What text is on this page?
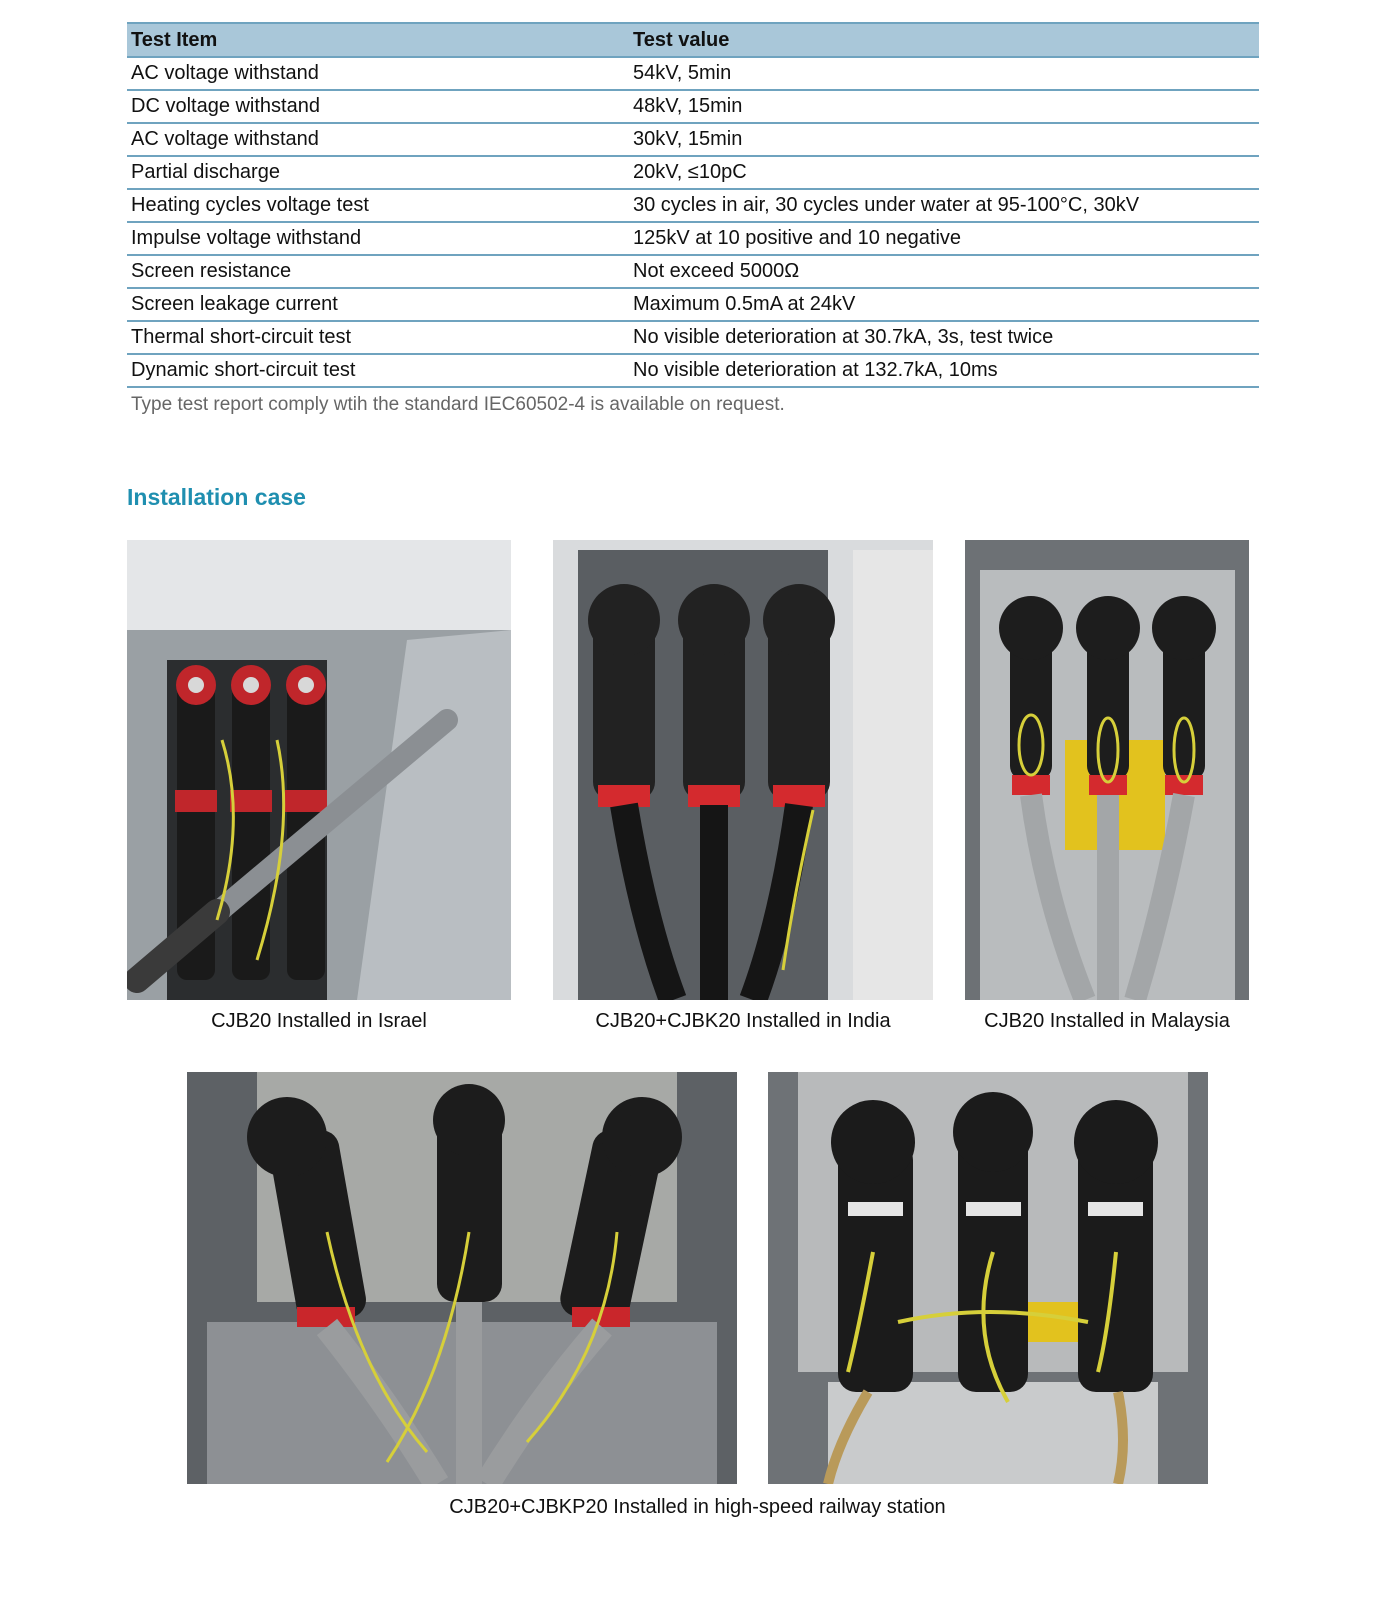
Test Item	Test value
AC voltage withstand	54kV, 5min
DC voltage withstand	48kV, 15min
AC voltage withstand	30kV, 15min
Partial discharge	20kV, ≤10pC
Heating cycles voltage test	30 cycles in air, 30 cycles under water at 95-100°C, 30kV
Impulse voltage withstand	125kV at 10 positive and 10 negative
Screen resistance	Not exceed 5000Ω
Screen leakage current	Maximum 0.5mA at 24kV
Thermal short-circuit test	No visible deterioration at 30.7kA, 3s, test twice
Dynamic short-circuit test	No visible deterioration at 132.7kA, 10ms
Type test report comply wtih the standard IEC60502-4 is available on request.
Installation case
CJB20 Installed in Israel	CJB20+CJBK20 Installed in India	CJB20 Installed in Malaysia
CJB20+CJBKP20 Installed in high-speed railway station
